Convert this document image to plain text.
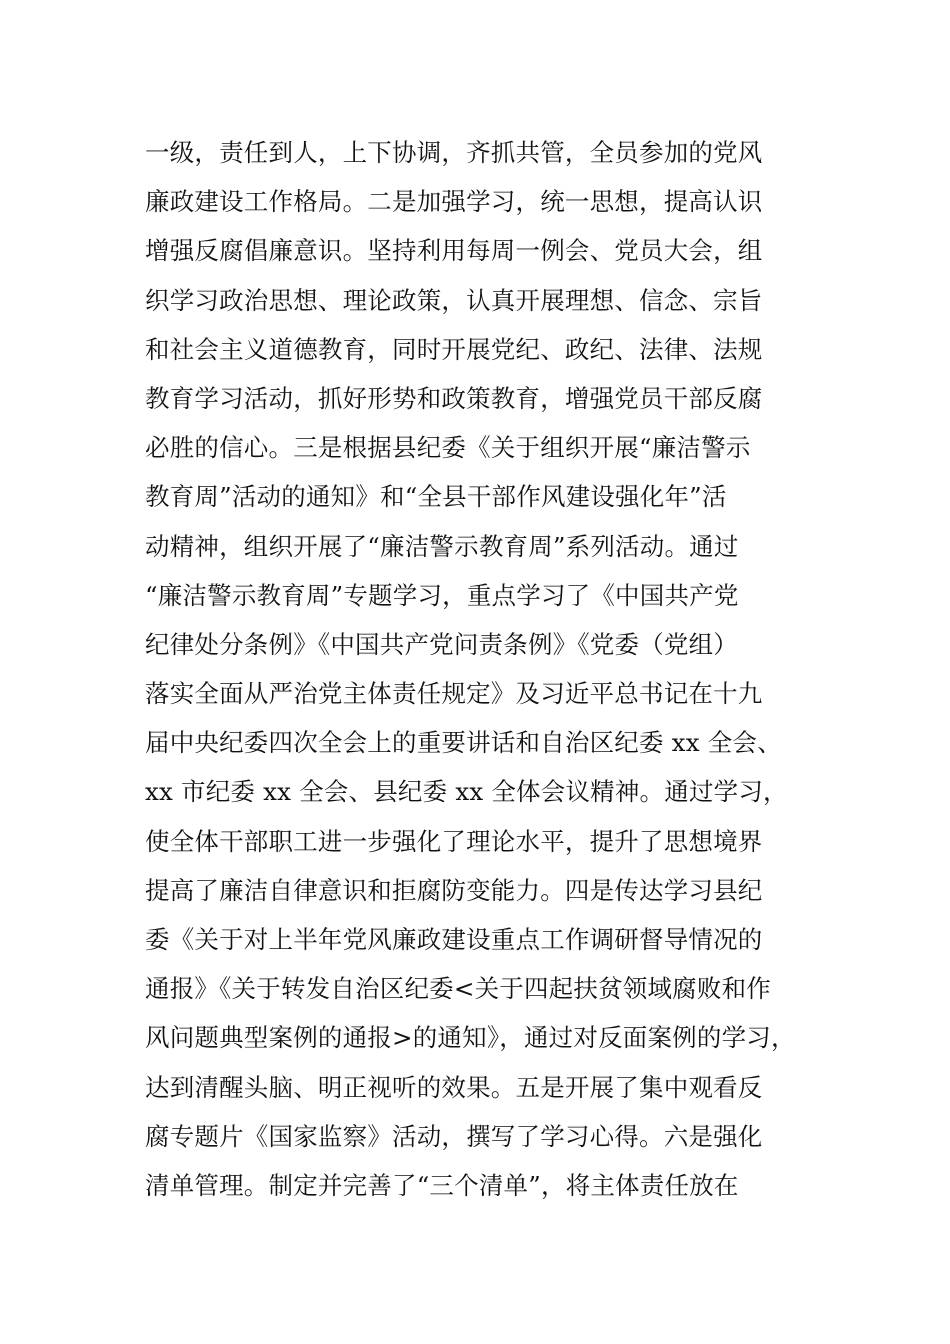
一级，责任到人，上下协调，齐抓共管，全员参加的党风
廉政建设工作格局。二是加强学习，统一思想，提高认识
增强反腐倡廉意识。坚持利用每周一例会、党员大会，组
织学习政治思想、理论政策，认真开展理想、信念、宗旨
和社会主义道德教育，同时开展党纪、政纪、法律、法规
教育学习活动，抓好形势和政策教育，增强党员干部反腐
必胜的信心。三是根据县纪委《关于组织开展“廉洁警示
教育周”活动的通知》和“全县干部作风建设强化年”活
动精神，组织开展了“廉洁警示教育周”系列活动。通过
“廉洁警示教育周”专题学习，重点学习了《中国共产党
纪律处分条例》《中国共产党问责条例》《党委（党组）
落实全面从严治党主体责任规定》及习近平总书记在十九
届中央纪委四次全会上的重要讲话和自治区纪委 xx 全会、
xx 市纪委 xx 全会、县纪委 xx 全体会议精神。通过学习，
使全体干部职工进一步强化了理论水平，提升了思想境界
提高了廉洁自律意识和拒腐防变能力。四是传达学习县纪
委《关于对上半年党风廉政建设重点工作调研督导情况的
通报》《关于转发自治区纪委<关于四起扶贫领域腐败和作
风问题典型案例的通报>的通知》，通过对反面案例的学习，
达到清醒头脑、明正视听的效果。五是开展了集中观看反
腐专题片《国家监察》活动，撰写了学习心得。六是强化
清单管理。制定并完善了“三个清单”，将主体责任放在
